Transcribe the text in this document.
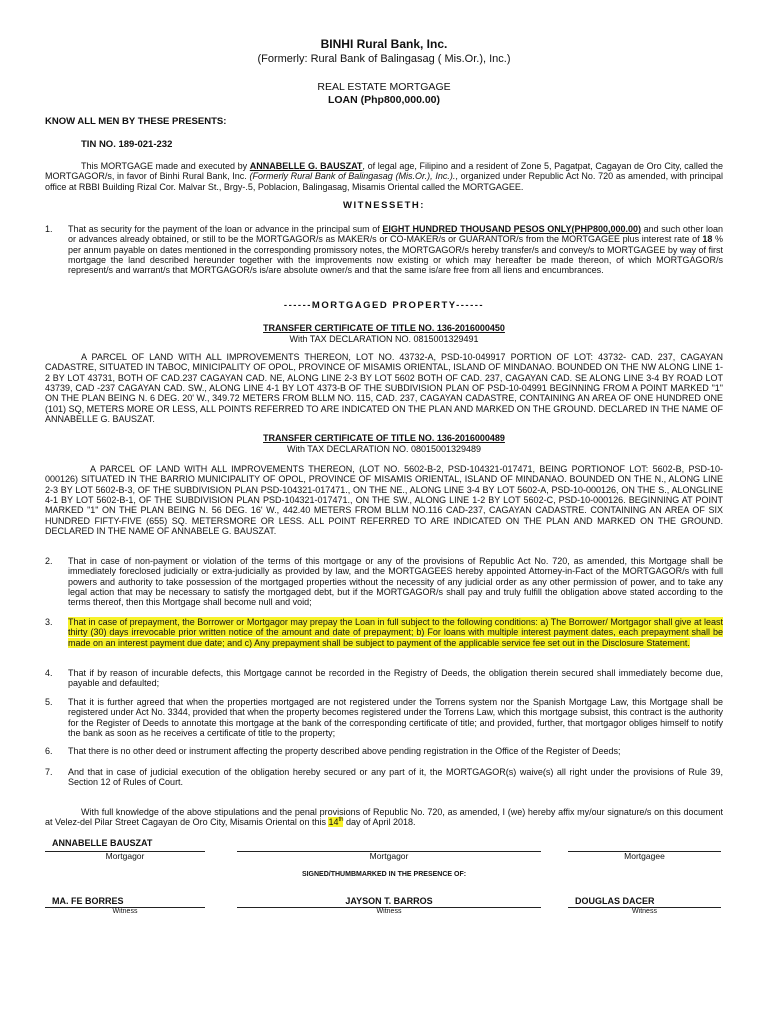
BINHI Rural Bank, Inc.
(Formerly: Rural Bank of Balingasag ( Mis.Or.), Inc.)
REAL ESTATE MORTGAGE
LOAN (Php800,000.00)
KNOW ALL MEN BY THESE PRESENTS:
TIN NO. 189-021-232
This MORTGAGE made and executed by ANNABELLE G. BAUSZAT, of legal age, Filipino and a resident of Zone 5, Pagatpat, Cagayan de Oro City, called the MORTGAGOR/s, in favor of Binhi Rural Bank, Inc. (Formerly Rural Bank of Balingasag (Mis.Or.), Inc.)., organized under Republic Act No. 720 as amended, with principal office at RBBI Building Rizal Cor. Malvar St., Brgy-.5, Poblacion, Balingasag, Misamis Oriental called the MORTGAGEE.
WITNESSETH:
1. That as security for the payment of the loan or advance in the principal sum of EIGHT HUNDRED THOUSAND PESOS ONLY(PHP800,000.00) and such other loan or advances already obtained, or still to be the MORTGAGOR/s as MAKER/s or CO-MAKER/s or GUARANTOR/s from the MORTGAGEE plus interest rate of 18 % per annum payable on dates mentioned in the corresponding promissory notes, the MORTGAGOR/s hereby transfer/s and convey/s to MORTGAGEE by way of first mortgage the land described hereunder together with the improvements now existing or which may hereafter be made thereon, of which MORTGAGOR/s represent/s and warrant/s that MORTGAGOR/s is/are absolute owner/s and that the same is/are free from all liens and encumbrances.
------MORTGAGED PROPERTY------
TRANSFER CERTIFICATE OF TITLE NO. 136-2016000450
With TAX DECLARATION NO. 0815001329491
A PARCEL OF LAND WITH ALL IMPROVEMENTS THEREON, LOT NO. 43732-A, PSD-10-049917 PORTION OF LOT: 43732- CAD. 237, CAGAYAN CADASTRE, SITUATED IN TABOC, MINICIPALITY OF OPOL, PROVINCE OF MISAMIS ORIENTAL, ISLAND OF MINDANAO. BOUNDED ON THE NW ALONG LINE 1-2 BY LOT 43731, BOTH OF CAD.237 CAGAYAN CAD. NE, ALONG LINE 2-3 BY LOT 5602 BOTH OF CAD. 237, CAGAYAN CAD. SE ALONG LINE 3-4 BY ROAD LOT 43739, CAD -237 CAGAYAN CAD. SW., ALONG LINE 4-1 BY LOT 4373-B OF THE SUBDIVISION PLAN OF PSD-10-04991 BEGINNING FROM A POINT MARKED "1" ON THE PLAN BEING N. 6 DEG. 20' W., 349.72 METERS FROM BLLM NO. 115, CAD. 237, CAGAYAN CADASTRE, CONTAINING AN AREA OF ONE HUNDRED ONE (101) SQ, METERS MORE OR LESS, ALL POINTS REFERRED TO ARE INDICATED ON THE PLAN AND MARKED ON THE GROUND. DECLARED IN THE NAME OF ANNABELLE G. BAUSZAT.
TRANSFER CERTIFICATE OF TITLE NO. 136-2016000489
With TAX DECLARATION NO. 08015001329489
A PARCEL OF LAND WITH ALL IMPROVEMENTS THEREON, (LOT NO. 5602-B-2, PSD-104321-017471, BEING PORTIONOF LOT: 5602-B, PSD-10-000126) SITUATED IN THE BARRIO MUNICIPALITY OF OPOL, PROVINCE OF MISAMIS ORIENTAL, ISLAND OF MINDANAO. BOUNDED ON THE N., ALONG LINE 2-3 BY LOT 5602-B-3, OF THE SUBDIVISION PLAN PSD-104321-017471., ON THE NE., ALONG LINE 3-4 BY LOT 5602-A, PSD-10-000126, ON THE S., ALONGLINE 4-1 BY LOT 5602-B-1, OF THE SUBDIVISION PLAN PSD-104321-017471., ON THE SW., ALONG LINE 1-2 BY LOT 5602-C, PSD-10-000126. BEGINNING AT POINT MARKED "1" ON THE PLAN BEING N. 56 DEG. 16' W., 442.40 METERS FROM BLLM NO.116 CAD-237, CAGAYAN CADASTRE. CONTAINING AN AREA OF SIX HUNDRED FIFTY-FIVE (655) SQ. METERSMORE OR LESS. ALL POINT REFERRED TO ARE INDICATED ON THE PLAN AND MARKED ON THE GROUND. DECLARED IN THE NAME OF ANNABELE G. BAUSZAT.
2. That in case of non-payment or violation of the terms of this mortgage or any of the provisions of Republic Act No. 720, as amended, this Mortgage shall be immediately foreclosed judicially or extra-judicially as provided by law, and the MORTGAGEES hereby appointed Attorney-in-Fact of the MORTGAGOR/s with full powers and authority to take possession of the mortgaged properties without the necessity of any judicial order as any other permission of power, and to take any legal action that may be necessary to satisfy the mortgaged debt, but if the MORTGAGOR/s shall pay and truly fulfill the obligation above stated according to the terms thereof, then this Mortgage shall become null and void;
3. That in case of prepayment, the Borrower or Mortgagor may prepay the Loan in full subject to the following conditions: a) The Borrower/ Mortgagor shall give at least thirty (30) days irrevocable prior written notice of the amount and date of prepayment; b) For loans with multiple interest payment dates, each prepayment shall be made on an interest payment due date; and c) Any prepayment shall be subject to payment of the applicable service fee set out in the Disclosure Statement.
4. That if by reason of incurable defects, this Mortgage cannot be recorded in the Registry of Deeds, the obligation therein secured shall immediately become due, payable and defaulted;
5. That it is further agreed that when the properties mortgaged are not registered under the Torrens system nor the Spanish Mortgage Law, this Mortgage shall be registered under Act No. 3344, provided that when the property becomes registered under the Torrens Law, which this mortgage subsist, this contract is the authority for the Register of Deeds to annotate this mortgage at the bank of the corresponding certificate of title; and provided, further, that mortgagor obliges himself to notify the bank as soon as he receives a certificate of title to the property;
6. That there is no other deed or instrument affecting the property described above pending registration in the Office of the Register of Deeds;
7. And that in case of judicial execution of the obligation hereby secured or any part of it, the MORTGAGOR(s) waive(s) all right under the provisions of Rule 39, Section 12 of Rules of Court.
With full knowledge of the above stipulations and the penal provisions of Republic No. 720, as amended, I (we) hereby affix my/our signature/s on this document at Velez-del Pilar Street Cagayan de Oro City, Misamis Oriental on this 14th day of April 2018.
ANNABELLE BAUSZAT
Mortgagor	Mortgagor	Mortgagee
SIGNED/THUMBMARKED IN THE PRESENCE OF:
MA. FE BORRES
Witness
JAYSON T. BARROS
Witness
DOUGLAS DACER
Witness
